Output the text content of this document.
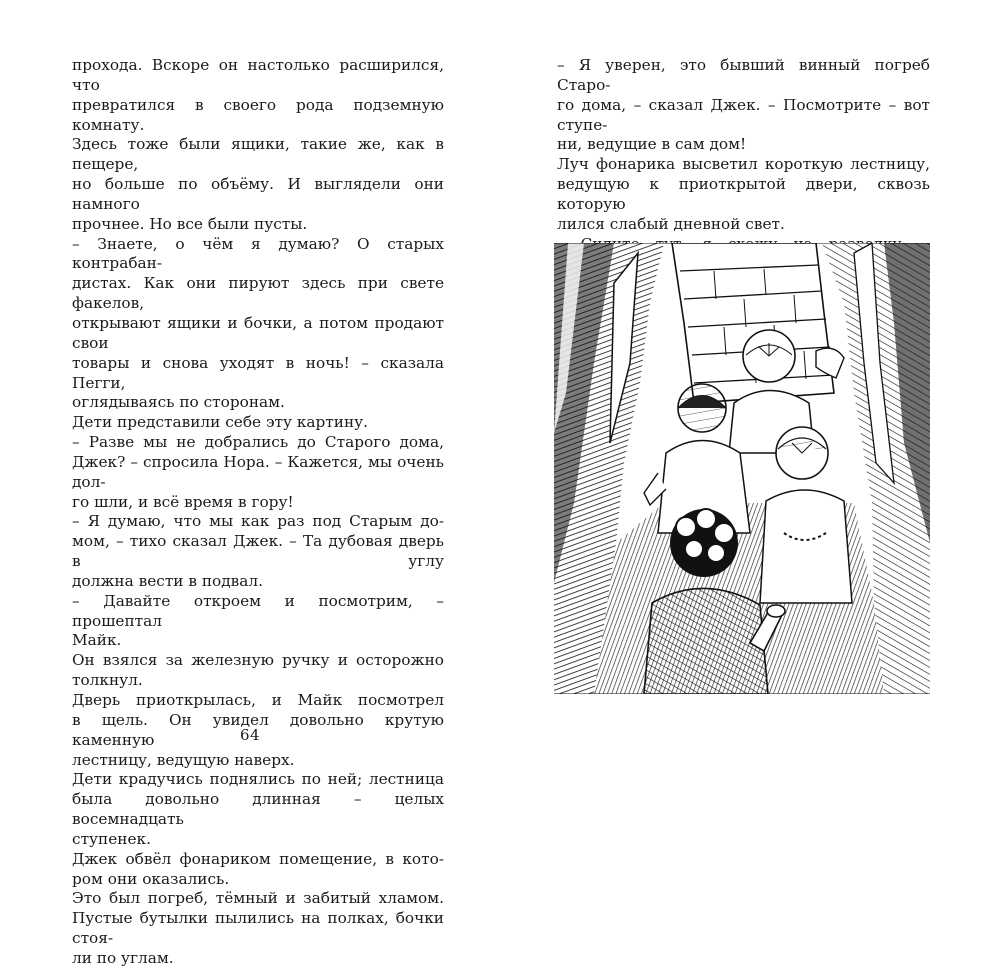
прохода. Вскоре он настолько расширился, что
превратился в своего рода подземную комнату.
Здесь тоже были ящики, такие же, как в пещере,
но больше по объёму. И выглядели они намного
прочнее. Но все были пусты.
– Знаете, о чём я думаю? О старых контрабан-
дистах. Как они пируют здесь при свете факелов,
открывают ящики и бочки, а потом продают свои
товары и снова уходят в ночь! – сказала Пегги,
оглядываясь по сторонам.
Дети представили себе эту картину.
– Разве мы не добрались до Старого дома,
Джек? – спросила Нора. – Кажется, мы очень дол-
го шли, и всё время в гору!
– Я думаю, что мы как раз под Старым до-
мом, – тихо сказал Джек. – Та дубовая дверь в углу
должна вести в подвал.
– Давайте откроем и посмотрим, – прошептал
Майк.
Он взялся за железную ручку и осторожно
толкнул.
Дверь приоткрылась, и Майк посмотрел
в щель. Он увидел довольно крутую каменную
лестницу, ведущую наверх.
Дети крадучись поднялись по ней; лестница
была довольно длинная – целых восемнадцать
ступенек.
Джек обвёл фонариком помещение, в кото-
ром они оказались.
Это был погреб, тёмный и забитый хламом.
Пустые бутылки пылились на полках, бочки стоя-
ли по углам.
64
– Я уверен, это бывший винный погреб Старо-
го дома, – сказал Джек. – Посмотрите – вот ступе-
ни, ведущие в сам дом!
Луч фонарика высветил короткую лестницу,
ведущую к приоткрытой двери, сквозь которую
лился слабый дневной свет.
